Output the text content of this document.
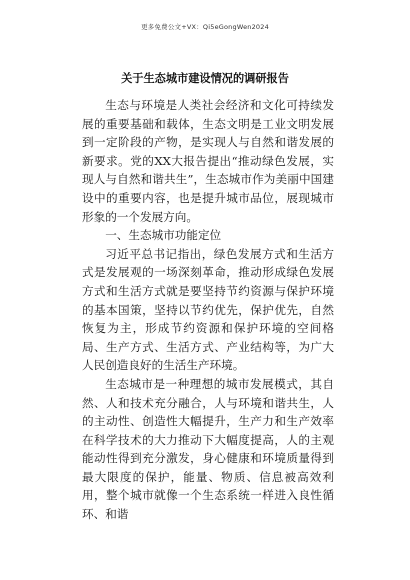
更多免费公文+VX：Qi5eGongWen2024
关于生态城市建设情况的调研报告

生态与环境是人类社会经济和文化可持续发展的重要基础和载体，生态文明是工业文明发展到一定阶段的产物，是实现人与自然和谐发展的新要求。党的XX大报告提出“推动绿色发展，实现人与自然和谐共生”，生态城市作为美丽中国建设中的重要内容，也是提升城市品位，展现城市形象的一个发展方向。

一、生态城市功能定位

习近平总书记指出，绿色发展方式和生活方式是发展观的一场深刻革命，推动形成绿色发展方式和生活方式就是要坚持节约资源与保护环境的基本国策，坚持以节约优先，保护优先，自然恢复为主，形成节约资源和保护环境的空间格局、生产方式、生活方式、产业结构等，为广大人民创造良好的生活生产环境。

生态城市是一种理想的城市发展模式，其自然、人和技术充分融合，人与环境和谐共生，人的主动性、创造性大幅提升，生产力和生产效率在科学技术的大力推动下大幅度提高，人的主观能动性得到充分激发，身心健康和环境质量得到最大限度的保护，能量、物质、信息被高效利用，整个城市就像一个生态系统一样进入良性循环、和谐
